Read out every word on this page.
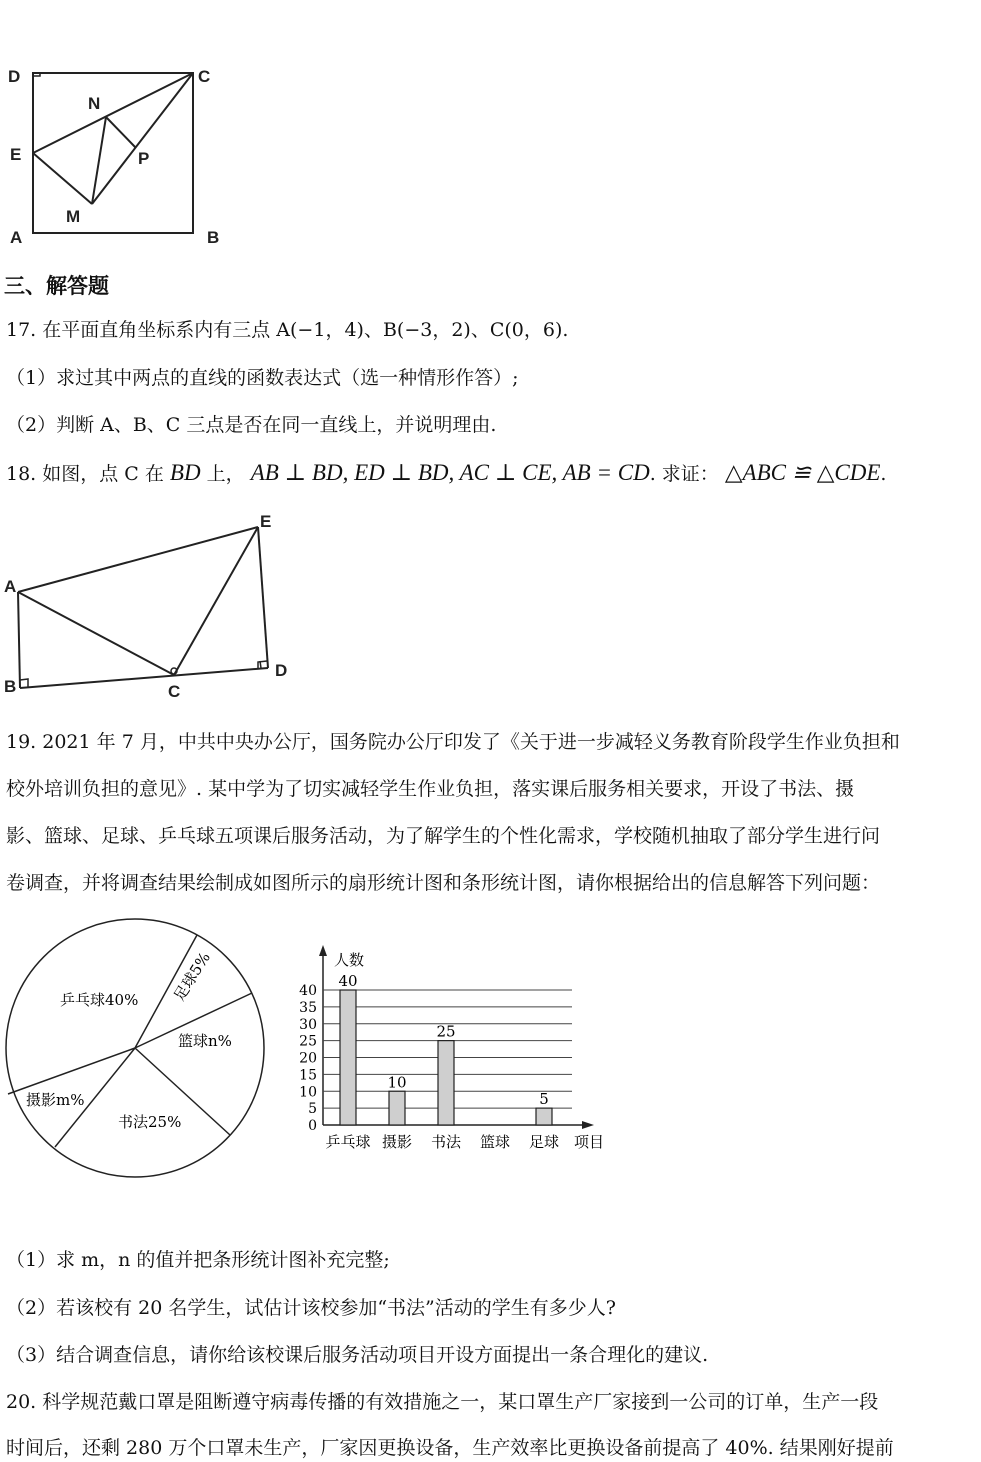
D	C
N
E	P
M
A	B
三、解答题
17. 在平面直角坐标系内有三点 A(−1，4)、B(−3，2)、C(0，6).
（1）求过其中两点的直线的函数表达式（选一种情形作答）;
（2）判断 A、B、C 三点是否在同一直线上，并说明理由.
18. 如图，点 C 在 BD 上， AB ⊥ BD, ED ⊥ BD, AC ⊥ CE, AB = CD. 求证： △ABC ≌ △CDE.
E
A
B	C
D
19. 2021 年 7 月，中共中央办公厅，国务院办公厅印发了《关于进一步减轻义务教育阶段学生作业负担和
校外培训负担的意见》. 某中学为了切实减轻学生作业负担，落实课后服务相关要求，开设了书法、摄
影、篮球、足球、乒乓球五项课后服务活动，为了解学生的个性化需求，学校随机抽取了部分学生进行问
卷调查，并将调查结果绘制成如图所示的扇形统计图和条形统计图，请你根据给出的信息解答下列问题：
乒乓球40% 足球5%
篮球n%
书法25%
摄影m%
0
5
10
15
20
25
30
35
40
乒乓球 摄影 书法 篮球 足球
40
10
25
5
人数
项目
（1）求 m，n 的值并把条形统计图补充完整;
（2）若该校有 20 名学生，试估计该校参加“书法”活动的学生有多少人?
（3）结合调查信息，请你给该校课后服务活动项目开设方面提出一条合理化的建议.
20. 科学规范戴口罩是阻断遵守病毒传播的有效措施之一，某口罩生产厂家接到一公司的订单，生产一段
时间后，还剩 280 万个口罩未生产，厂家因更换设备，生产效率比更换设备前提高了 40%. 结果刚好提前
